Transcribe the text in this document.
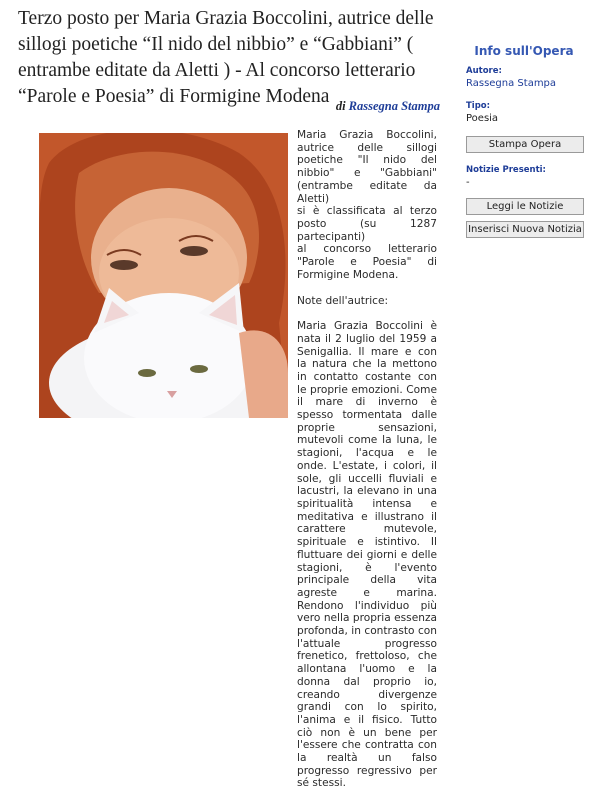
Terzo posto per Maria Grazia Boccolini, autrice delle sillogi poetiche “Il nido del nibbio” e “Gabbiani” ( entrambe editate da Aletti ) - Al concorso letterario “Parole e Poesia” di Formigine Modena di Rassegna Stampa

Maria Grazia Boccolini, autrice delle sillogi poetiche "Il nido del nibbio" e "Gabbiani" (entrambe editate da Aletti)

si è classificata al terzo posto (su 1287 partecipanti)

al concorso letterario "Parole e Poesia" di Formigine Modena.

Note dell'autrice:

Maria Grazia Boccolini è nata il 2 luglio del 1959 a Senigallia. Il mare e con la natura che la mettono in contatto costante con le proprie emozioni. Come il mare di inverno è spesso tormentata dalle proprie sensazioni, mutevoli come la luna, le stagioni, l'acqua e le onde. L'estate, i colori, il sole, gli uccelli fluviali e lacustri, la elevano in una spiritualità intensa e meditativa e illustrano il carattere mutevole, spirituale e istintivo. Il fluttuare dei giorni e delle stagioni, è l'evento principale della vita agreste e marina. Rendono l'individuo più vero nella propria essenza profonda, in contrasto con l'attuale progresso frenetico, frettoloso, che allontana l'uomo e la donna dal proprio io, creando divergenze grandi con lo spirito, l'anima e il fisico. Tutto ciò non è un bene per l'essere che contratta con la realtà un falso progresso regressivo per sé stessi.

Info sull'Opera
Autore:
Rassegna Stampa
Tipo:
Poesia
Stampa Opera
Notizie Presenti:
-
Leggi le Notizie
Inserisci Nuova Notizia
